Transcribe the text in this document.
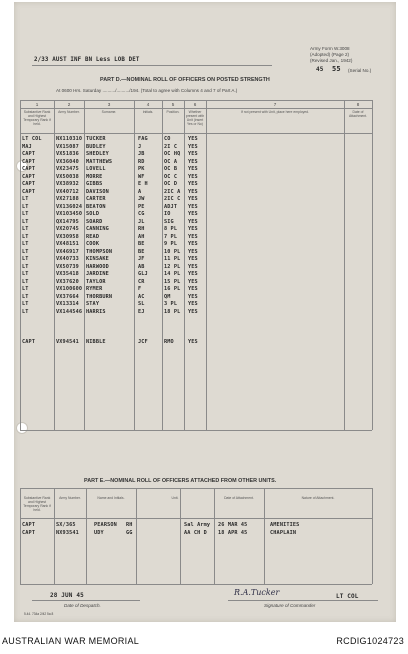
Army Form W.3008
(Adopted) (Page 2)
(Revised Jan., 1942)
45 55 (Serial No.)
2/33 AUST INF BN Less LOB DET
PART D.—NOMINAL ROLL OF OFFICERS ON POSTED STRENGTH
At 0600 Hrs. Saturday ........../........../194. (Total to agree with Columns 4 and 7 of Part A.)
1	2	3	4	5	6	7	8
Substantive Rank and Highest Temporary Rank if held.
Army Number.	Surname.	Initials.	Position.	Whether present with Unit (insert Yes or No)
If not present with Unit, place here employed.	Date of Attachment.
LT COL	NX110310 TUCKER	FAG	CO	YES
MAJ	VX15087	BUDLEY	J	2I C	YES
CAPT	VX51836	SHEDLEY	JB	OC HQ	YES
CAPT	VX36040	MATTHEWS	RD	OC A	YES
CAPT	VX23475	LOVELL	PK	OC B	YES
CAPT	VX50038	MORRE	WF	OC C	YES
CAPT	VX38932	GIBBS	E H	OC D	YES
CAPT	VX40712	DAVISON	A	2IC A	YES
LT	VX27188	CARTER	JW	2IC C	YES
LT	VX136024 BEATON	PE	ADJT	YES
LT	VX103450 SOLD	CG	IO	YES
LT	QX14795	SOARD	JL	SIG	YES
LT	VX20745	CANNING	RH	8 PL	YES
LT	VX30958	READ	AH	7 PL	YES
LT	VX48151	COOK	BE	9 PL	YES
LT	VX46917	THOMPSON	BE	10 PL	YES
LT	VX40733	KINSAKE	JF	11 PL	YES
LT	VX50739	HARWOOD	AB	12 PL	YES
LT	VX35418	JARDINE	GLJ	14 PL	YES
LT	VX37620	TAYLOR	CR	15 PL	YES
LT	VX100600 RYMER	F	16 PL	YES
LT	VX37664	THORBURN	AC	QM	YES
LT	VX13314	STAY	SL	3 PL	YES
LT	VX144546 HARRIS	EJ	18 PL	YES
CAPT	VX94541	NIBBLE	JCF	RMO	YES
PART E.—NOMINAL ROLL OF OFFICERS ATTACHED FROM OTHER UNITS.
Substantive Rank and Highest Temporary Rank if held.
Army Number.	Name and Initials.	Unit.	Date of Attachment.	Nature of Attachment.
CAPT	SX/365	PEARSON	RH	Sal Army	26 MAR 45	AMENITIES
CAPT	NX93541	UDY	GG	AA CH D	18 APR 45	CHAPLAIN
28 JUN 45
Date of Despatch.
R.A.Tucker	LT COL
Signature of Commander
5.44. 734a 2/42 5a 8
AUSTRALIAN WAR MEMORIAL	RCDIG1024723
